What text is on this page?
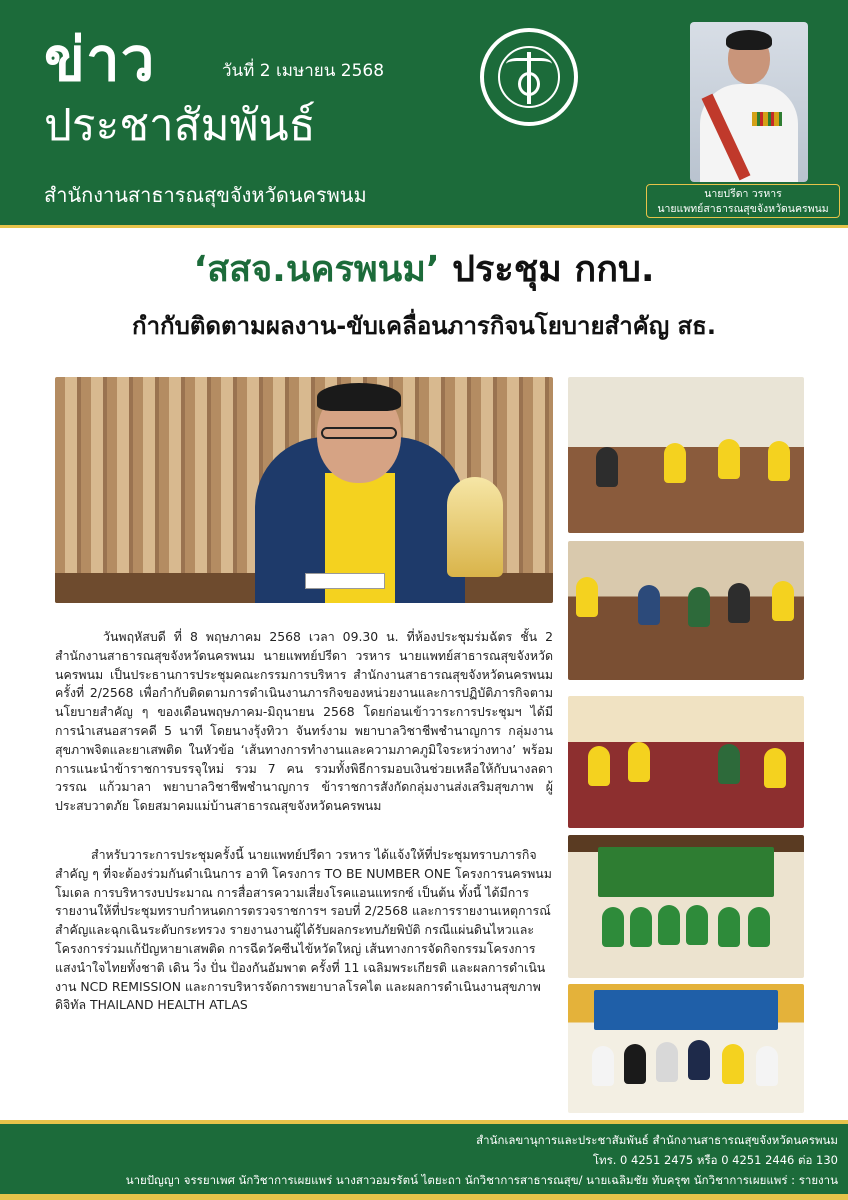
ข่าว	วันที่ 2 เมษายน 2568
ประชาสัมพันธ์
สำนักงานสาธารณสุขจังหวัดนครพนม	นายปรีดา วรหาร
นายแพทย์สาธารณสุขจังหวัดนครพนม
‘สสจ.นครพนม’ ประชุม กกบ.
กำกับติดตามผลงาน-ขับเคลื่อนภารกิจนโยบายสำคัญ สธ.

วันพฤหัสบดี ที่ 8 พฤษภาคม 2568 เวลา 09.30 น. ที่ห้องประชุมร่มฉัตร ชั้น 2 สำนักงานสาธารณสุขจังหวัดนครพนม นายแพทย์ปรีดา วรหาร นายแพทย์สาธารณสุขจังหวัดนครพนม เป็นประธานการประชุมคณะกรรมการบริหาร สำนักงานสาธารณสุขจังหวัดนครพนม ครั้งที่ 2/2568 เพื่อกำกับติดตามการดำเนินงานภารกิจของหน่วยงานและการปฏิบัติภารกิจตามนโยบายสำคัญ ๆ ของเดือนพฤษภาคม-มิถุนายน 2568 โดยก่อนเข้าวาระการประชุมฯ ได้มีการนำเสนอสารคดี 5 นาที โดยนางรุ้งทิวา จันทร์งาม พยาบาลวิชาชีพชำนาญการ กลุ่มงานสุขภาพจิตและยาเสพติด ในหัวข้อ ‘เส้นทางการทำงานและความภาคภูมิใจระหว่างทาง’ พร้อมการแนะนำข้าราชการบรรจุใหม่ รวม 7 คน รวมทั้งพิธีการมอบเงินช่วยเหลือให้กับนางลดาวรรณ แก้วมาลา พยาบาลวิชาชีพชำนาญการ ข้าราชการสังกัดกลุ่มงานส่งเสริมสุขภาพ ผู้ประสบวาตภัย โดยสมาคมแม่บ้านสาธารณสุขจังหวัดนครพนม

สำหรับวาระการประชุมครั้งนี้ นายแพทย์ปรีดา วรหาร ได้แจ้งให้ที่ประชุมทราบภารกิจสำคัญ ๆ ที่จะต้องร่วมกันดำเนินการ อาทิ โครงการ TO BE NUMBER ONE โครงการนครพนมโมเดล การบริหารงบประมาณ การสื่อสารความเสี่ยงโรคแอนแทรกซ์ เป็นต้น ทั้งนี้ ได้มีการรายงานให้ที่ประชุมทราบกำหนดการตรวจราชการฯ รอบที่ 2/2568 และการรายงานเหตุการณ์สำคัญและฉุกเฉินระดับกระทรวง รายงานงานผู้ได้รับผลกระทบภัยพิบัติ กรณีแผ่นดินไหวและโครงการร่วมแก้ปัญหายาเสพติด การฉีดวัคซีนไข้หวัดใหญ่ เส้นทางการจัดกิจกรรมโครงการแสงนำใจไทยทั้งชาติ เดิน วิ่ง ปั่น ป้องกันอัมพาต ครั้งที่ 11 เฉลิมพระเกียรติ และผลการดำเนินงาน NCD REMISSION และการบริหารจัดการพยาบาลโรคไต และผลการดำเนินงานสุขภาพดิจิทัล THAILAND HEALTH ATLAS

สำนักเลขานุการและประชาสัมพันธ์ สำนักงานสาธารณสุขจังหวัดนครพนม
โทร. 0 4251 2475 หรือ 0 4251 2446 ต่อ 130
นายปัญญา จรรยาเพศ นักวิชาการเผยแพร่ นางสาวอมรรัตน์ ไตยะถา นักวิชาการสาธารณสุข/ นายเฉลิมชัย ทับครุฑ นักวิชาการเผยแพร่ : รายงาน
